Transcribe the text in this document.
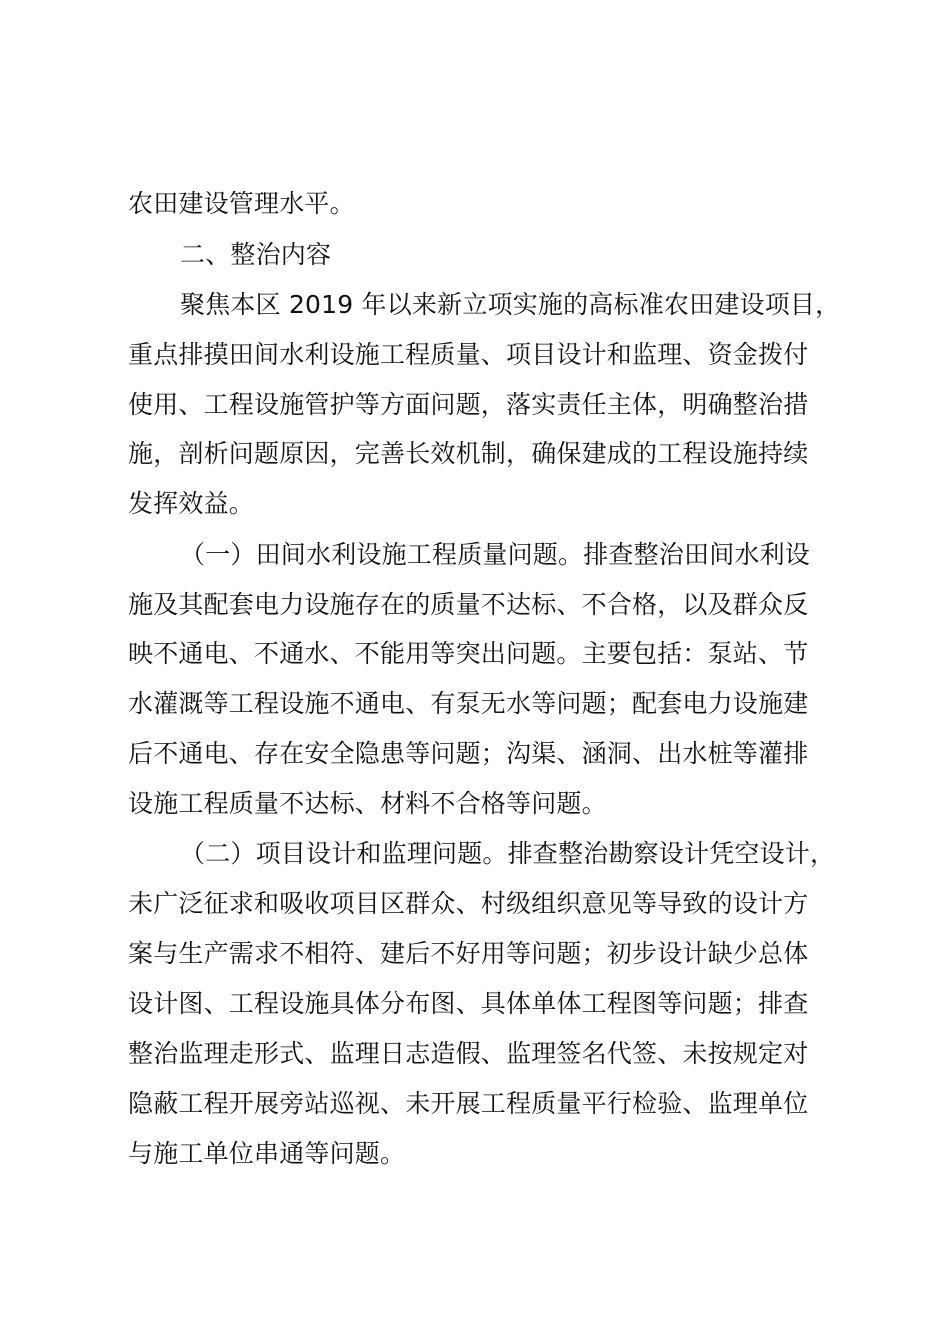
农田建设管理水平。
二、整治内容
聚焦本区 2019 年以来新立项实施的高标准农田建设项目，
重点排摸田间水利设施工程质量、项目设计和监理、资金拨付
使用、工程设施管护等方面问题，落实责任主体，明确整治措
施，剖析问题原因，完善长效机制，确保建成的工程设施持续
发挥效益。
（一）田间水利设施工程质量问题。排查整治田间水利设
施及其配套电力设施存在的质量不达标、不合格，以及群众反
映不通电、不通水、不能用等突出问题。主要包括：泵站、节
水灌溉等工程设施不通电、有泵无水等问题；配套电力设施建
后不通电、存在安全隐患等问题；沟渠、涵洞、出水桩等灌排
设施工程质量不达标、材料不合格等问题。
（二）项目设计和监理问题。排查整治勘察设计凭空设计，
未广泛征求和吸收项目区群众、村级组织意见等导致的设计方
案与生产需求不相符、建后不好用等问题；初步设计缺少总体
设计图、工程设施具体分布图、具体单体工程图等问题；排查
整治监理走形式、监理日志造假、监理签名代签、未按规定对
隐蔽工程开展旁站巡视、未开展工程质量平行检验、监理单位
与施工单位串通等问题。
